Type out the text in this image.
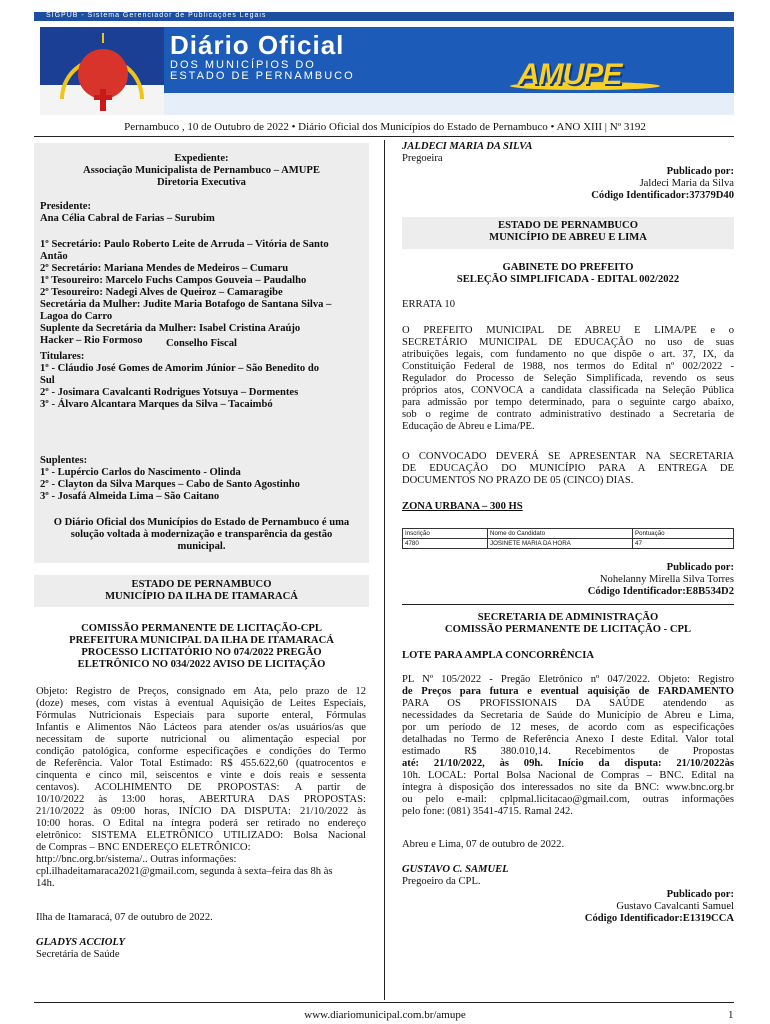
SIGPUB - Sistema Gerenciador de Publicações Legais
Diário Oficial
DOS MUNICÍPIOS DO
ESTADO DE PERNAMBUCO	AMUPE
Pernambuco , 10 de Outubro de 2022 • Diário Oficial dos Municípios do Estado de Pernambuco • ANO XIII | Nº 3192
Expediente:
Associação Municipalista de Pernambuco – AMUPE
Diretoria Executiva
Presidente:
Ana Célia Cabral de Farias – Surubim
1º Secretário: Paulo Roberto Leite de Arruda – Vitória de Santo
Antão
2º Secretário: Mariana Mendes de Medeiros – Cumaru
1º Tesoureiro: Marcelo Fuchs Campos Gouveia – Paudalho
2º Tesoureiro: Nadegi Alves de Queiroz – Camaragibe
Secretária da Mulher: Judite Maria Botafogo de Santana Silva –
Lagoa do Carro
Suplente da Secretária da Mulher: Isabel Cristina Araújo
Hacker – Rio Formoso	Conselho Fiscal
Titulares:
1º - Cláudio José Gomes de Amorim Júnior – São Benedito do
Sul
2º - Josimara Cavalcanti Rodrigues Yotsuya – Dormentes
3º - Álvaro Alcantara Marques da Silva – Tacaimbó
Suplentes:
1º - Lupércio Carlos do Nascimento - Olinda
2º - Clayton da Silva Marques – Cabo de Santo Agostinho
3º - Josafá Almeida Lima – São Caitano
O Diário Oficial dos Municípios do Estado de Pernambuco é uma
solução voltada à modernização e transparência da gestão
municipal.
ESTADO DE PERNAMBUCO
MUNICÍPIO DA ILHA DE ITAMARACÁ
COMISSÃO PERMANENTE DE LICITAÇÃO-CPL
PREFEITURA MUNICIPAL DA ILHA DE ITAMARACÁ
PROCESSO LICITATÓRIO NO 074/2022 PREGÃO
ELETRÔNICO NO 034/2022 AVISO DE LICITAÇÃO
Objeto: Registro de Preços, consignado em Ata, pelo prazo de 12
(doze) meses, com vistas à eventual Aquisição de Leites Especiais,
Fórmulas Nutricionais Especiais para suporte enteral, Fórmulas
Infantis e Alimentos Não Lácteos para atender os/as usuários/as que
necessitam de suporte nutricional ou alimentação especial por
condição patológica, conforme especificações e condições do Termo
de Referência. Valor Total Estimado: R$ 455.622,60 (quatrocentos e
cinquenta e cinco mil, seiscentos e vinte e dois reais e sessenta
centavos). ACOLHIMENTO DE PROPOSTAS: A partir de
10/10/2022 às 13:00 horas, ABERTURA DAS PROPOSTAS:
21/10/2022 às 09:00 horas, INÍCIO DA DISPUTA: 21/10/2022 às
10:00 horas. O Edital na íntegra poderá ser retirado no endereço
eletrônico: SISTEMA ELETRÔNICO UTILIZADO: Bolsa Nacional
de Compras – BNC ENDEREÇO ELETRÔNICO:
http://bnc.org.br/sistema/.. Outras informações:
cpl.ilhadeitamaraca2021@gmail.com, segunda à sexta–feira das 8h às
14h.
Ilha de Itamaracá, 07 de outubro de 2022.
GLADYS ACCIOLY
Secretária de Saúde
JALDECI MARIA DA SILVA
Pregoeira
Publicado por:
Jaldeci Maria da Silva
Código Identificador:37379D40
ESTADO DE PERNAMBUCO
MUNICÍPIO DE ABREU E LIMA
GABINETE DO PREFEITO
SELEÇÃO SIMPLIFICADA - EDITAL 002/2022
ERRATA 10
O PREFEITO MUNICIPAL DE ABREU E LIMA/PE e o
SECRETÁRIO MUNICIPAL DE EDUCAÇÃO no uso de suas
atribuições legais, com fundamento no que dispõe o art. 37, IX, da
Constituição Federal de 1988, nos termos do Edital nº 002/2022 -
Regulador do Processo de Seleção Simplificada, revendo os seus
próprios atos, CONVOCA a candidata classificada na Seleção Pública
para admissão por tempo determinado, para o seguinte cargo abaixo,
sob o regime de contrato administrativo destinado a Secretaria de
Educação de Abreu e Lima/PE.
O CONVOCADO DEVERÁ SE APRESENTAR NA SECRETARIA
DE EDUCAÇÃO DO MUNICÍPIO PARA A ENTREGA DE
DOCUMENTOS NO PRAZO DE 05 (CINCO) DIAS.
ZONA URBANA – 300 HS
Inscrição	Nome do Candidato	Pontuação
4780	JOSINETE MARIA DA HORA	47
Publicado por:
Nohelanny Mirella Silva Torres
Código Identificador:E8B534D2
SECRETARIA DE ADMINISTRAÇÃO
COMISSÃO PERMANENTE DE LICITAÇÃO - CPL
LOTE PARA AMPLA CONCORRÊNCIA
PL Nº 105/2022 - Pregão Eletrônico nº 047/2022. Objeto: Registro
de Preços para futura e eventual aquisição de FARDAMENTO
PARA OS PROFISSIONAIS DA SAÚDE atendendo as
necessidades da Secretaria de Saúde do Município de Abreu e Lima,
por um período de 12 meses, de acordo com as especificações
detalhadas no Termo de Referência Anexo I deste Edital. Valor total
estimado R$ 380.010,14. Recebimentos de Propostas
até: 21/10/2022, às 09h. Início da disputa: 21/10/2022às
10h. LOCAL: Portal Bolsa Nacional de Compras – BNC. Edital na
íntegra à disposição dos interessados no site da BNC: www.bnc.org.br
ou pelo e-mail: cplpmal.licitacao@gmail.com, outras informações
pelo fone: (081) 3541-4715. Ramal 242.
Abreu e Lima, 07 de outubro de 2022.
GUSTAVO C. SAMUEL
Pregoeiro da CPL.
Publicado por:
Gustavo Cavalcanti Samuel
Código Identificador:E1319CCA
www.diariomunicipal.com.br/amupe	1
